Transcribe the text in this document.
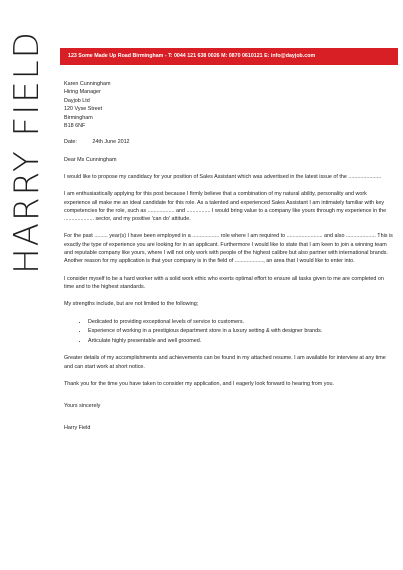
HARRY FIELD	123 Some Made Up Road Birmingham - T: 0044 121 638 0026 M: 0870 0610121 E: info@dayjob.com
Karen Cunningham
Hiring Manager
Dayjob Ltd
120 Vyse Street
Birmingham
B18 6NF
Date:	24th June 2012
Dear Ms Cunningham

I would like to propose my candidacy for your position of Sales Assistant which was advertised in the latest issue of the ......................

I am enthusiastically applying for this post because I firmly believe that a combination of my natural ability, personality and work experience all make me an ideal candidate for this role. As a talented and experienced Sales Assistant I am intimately familiar with key competencies for the role, such as .................. and ................ I would bring value to a company like yours through my experience in the .................... sector, and my positive 'can do' attitude.

For the past ......... year(s) I have been employed in a .................. role where I am required to ........................ and also .................... This is exactly the type of experience you are looking for in an applicant. Furthermore I would like to state that I am keen to join a winning team and reputable company like yours, where I will not only work with people of the highest calibre but also partner with international brands. Another reason for my application is that your company is in the field of ..................., an area that I would like to enter into.

I consider myself to be a hard worker with a solid work ethic who exerts optimal effort to ensure all tasks given to me are completed on time and to the highest standards.

My strengths include, but are not limited to the following;

• Dedicated to providing exceptional levels of service to customers.
• Experience of working in a prestigious department store in a luxury setting & with designer brands.
• Articulate highly presentable and well groomed.

Greater details of my accomplishments and achievements can be found in my attached resume. I am available for interview at any time and can start work at short notice.

Thank you for the time you have taken to consider my application, and I eagerly look forward to hearing from you.

Yours sincerely
Harry Field
